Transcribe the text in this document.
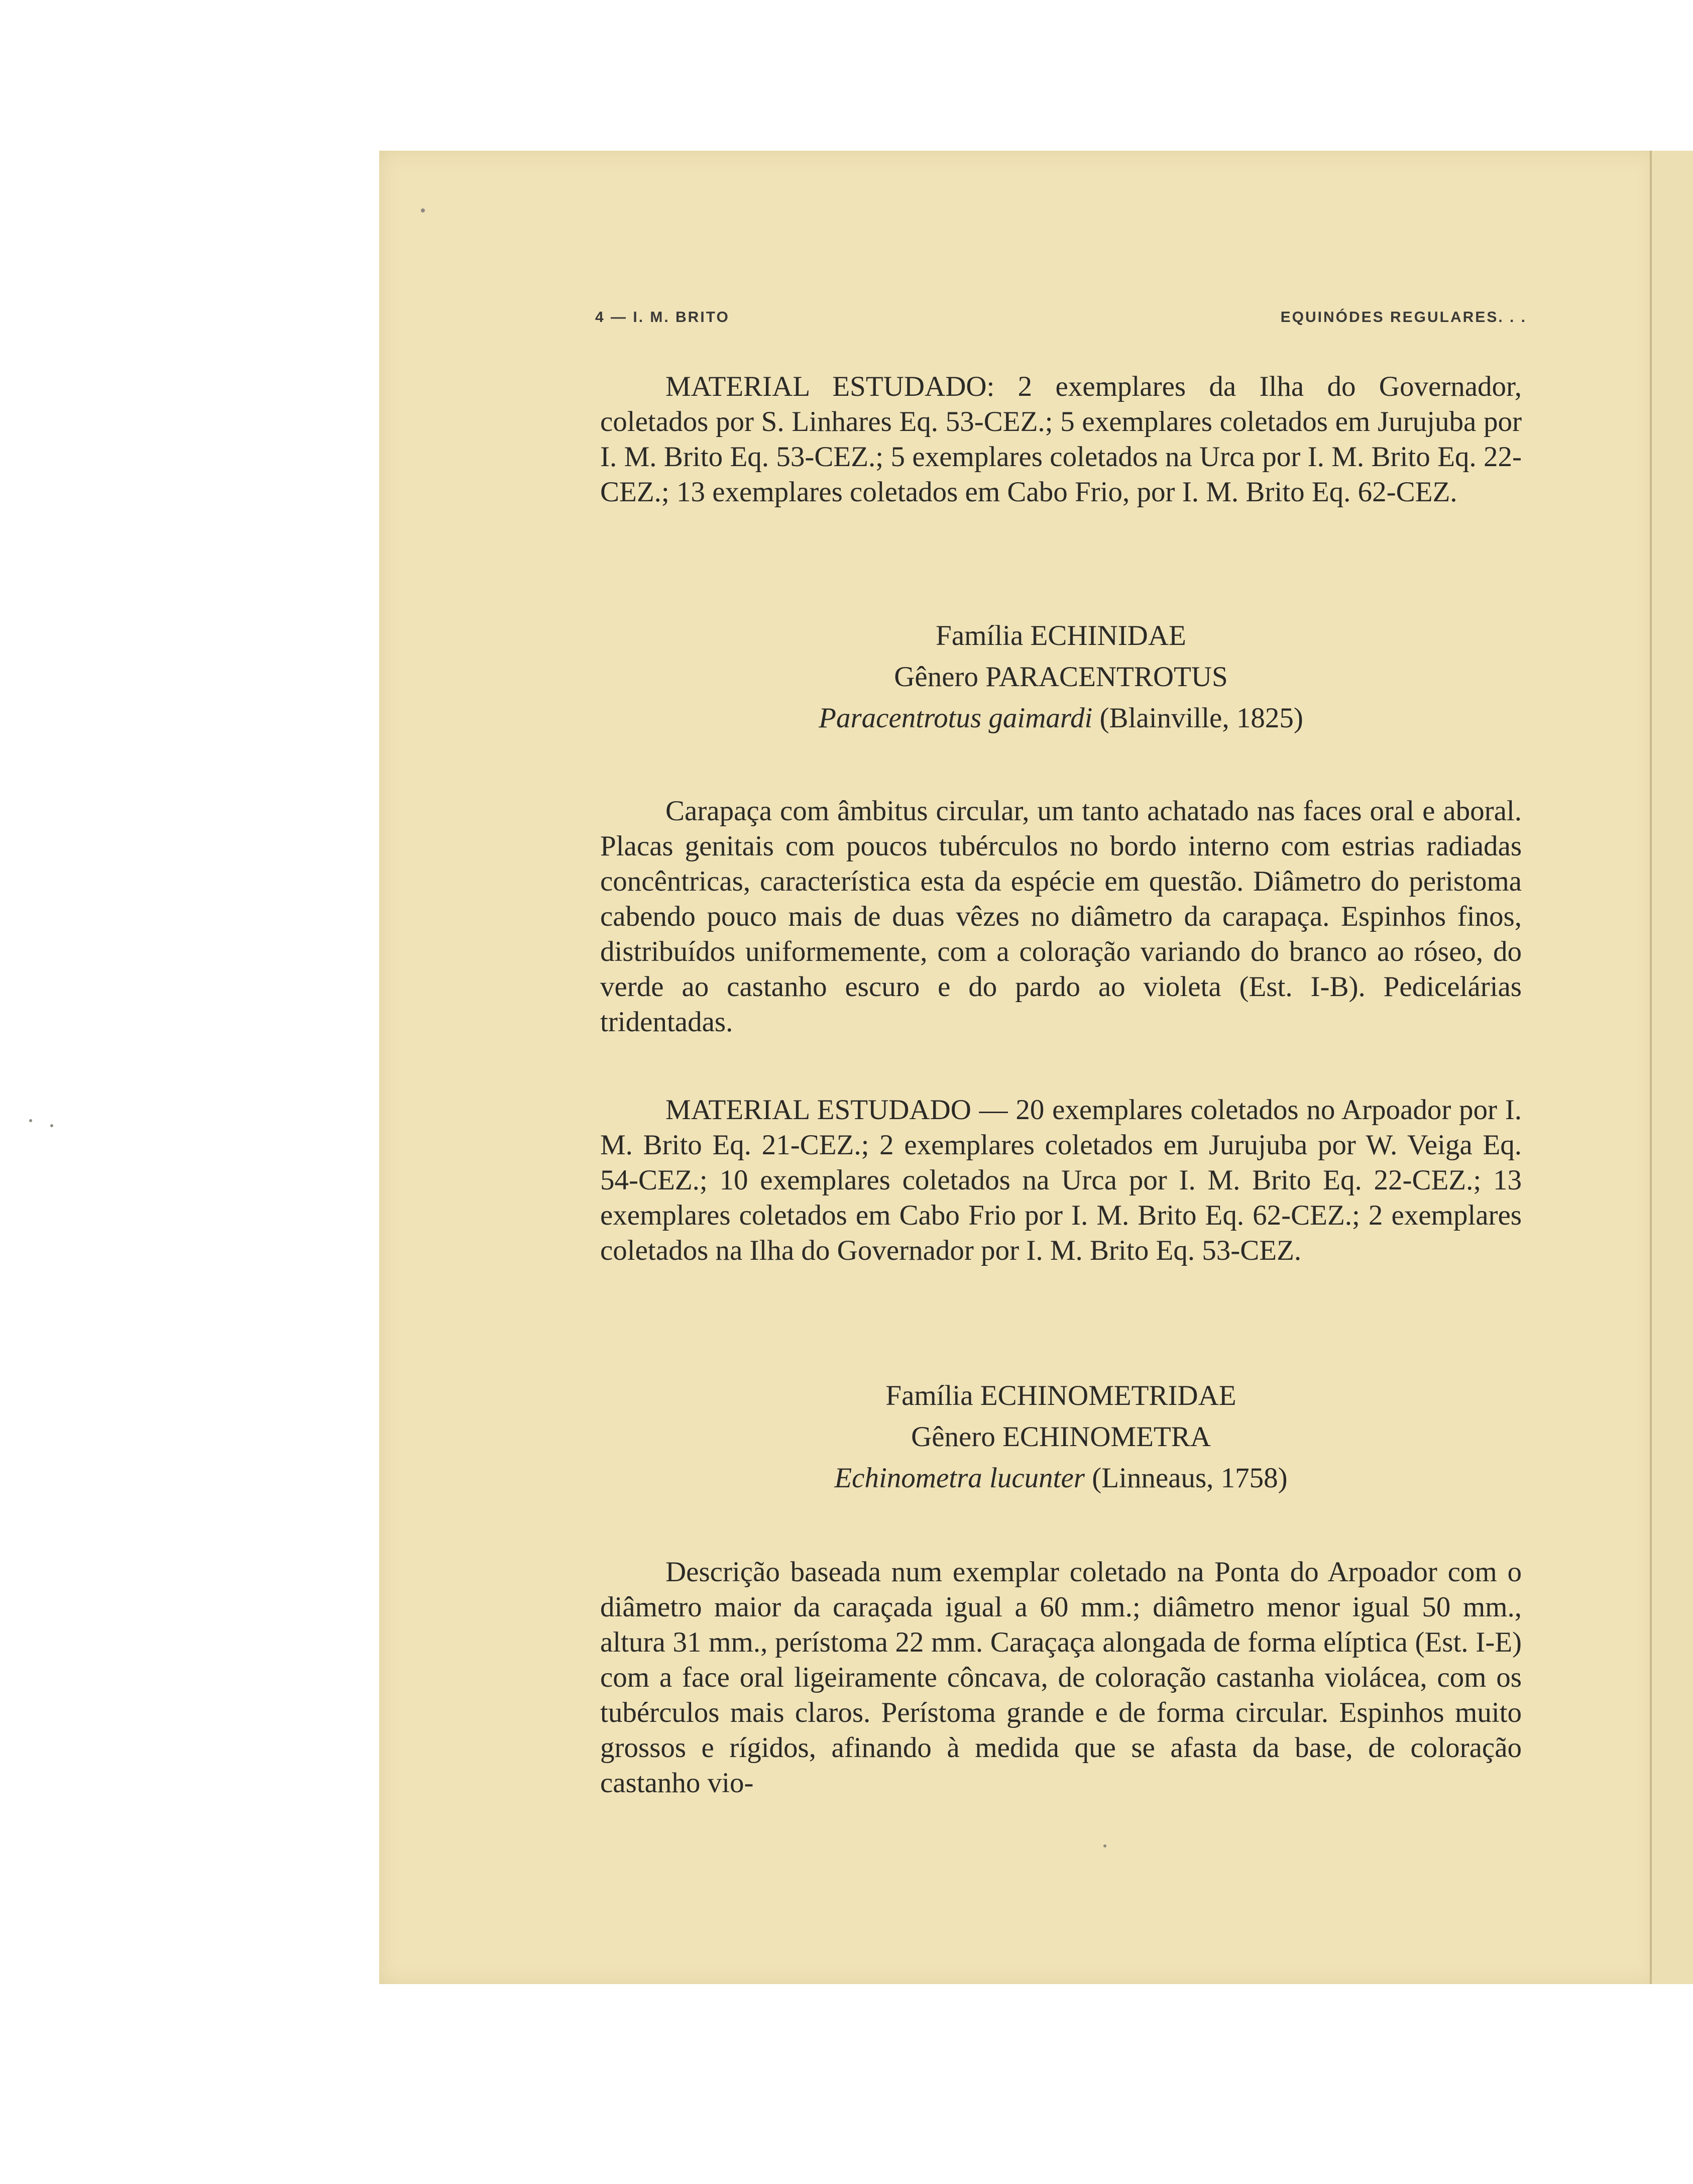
4 — I. M. BRITO	EQUINÓDES REGULARES. . .

MATERIAL ESTUDADO: 2 exemplares da Ilha do Governador, coletados por S. Linhares Eq. 53-CEZ.; 5 exemplares coletados em Jurujuba por I. M. Brito Eq. 53-CEZ.; 5 exemplares coletados na Urca por I. M. Brito Eq. 22-CEZ.; 13 exemplares coletados em Cabo Frio, por I. M. Brito Eq. 62-CEZ.

Família ECHINIDAE
Gênero PARACENTROTUS
Paracentrotus gaimardi (Blainville, 1825)

Carapaça com âmbitus circular, um tanto achatado nas faces oral e aboral. Placas genitais com poucos tubérculos no bordo interno com estrias radiadas concêntricas, característica esta da espécie em questão. Diâmetro do peristoma cabendo pouco mais de duas vêzes no diâmetro da carapaça. Espinhos finos, distribuídos uniformemente, com a coloração variando do branco ao róseo, do verde ao castanho escuro e do pardo ao violeta (Est. I-B). Pedicelárias tridentadas.

MATERIAL ESTUDADO — 20 exemplares coletados no Arpoador por I. M. Brito Eq. 21-CEZ.; 2 exemplares coletados em Jurujuba por W. Veiga Eq. 54-CEZ.; 10 exemplares coletados na Urca por I. M. Brito Eq. 22-CEZ.; 13 exemplares coletados em Cabo Frio por I. M. Brito Eq. 62-CEZ.; 2 exemplares coletados na Ilha do Governador por I. M. Brito Eq. 53-CEZ.

Família ECHINOMETRIDAE
Gênero ECHINOMETRA
Echinometra lucunter (Linneaus, 1758)

Descrição baseada num exemplar coletado na Ponta do Arpoador com o diâmetro maior da caraçada igual a 60 mm.; diâmetro menor igual 50 mm., altura 31 mm., perístoma 22 mm. Caraçaça alongada de forma elíptica (Est. I-E) com a face oral ligeiramente côncava, de coloração castanha violácea, com os tubérculos mais claros. Perístoma grande e de forma circular. Espinhos muito grossos e rígidos, afinando à medida que se afasta da base, de coloração castanho vio-
